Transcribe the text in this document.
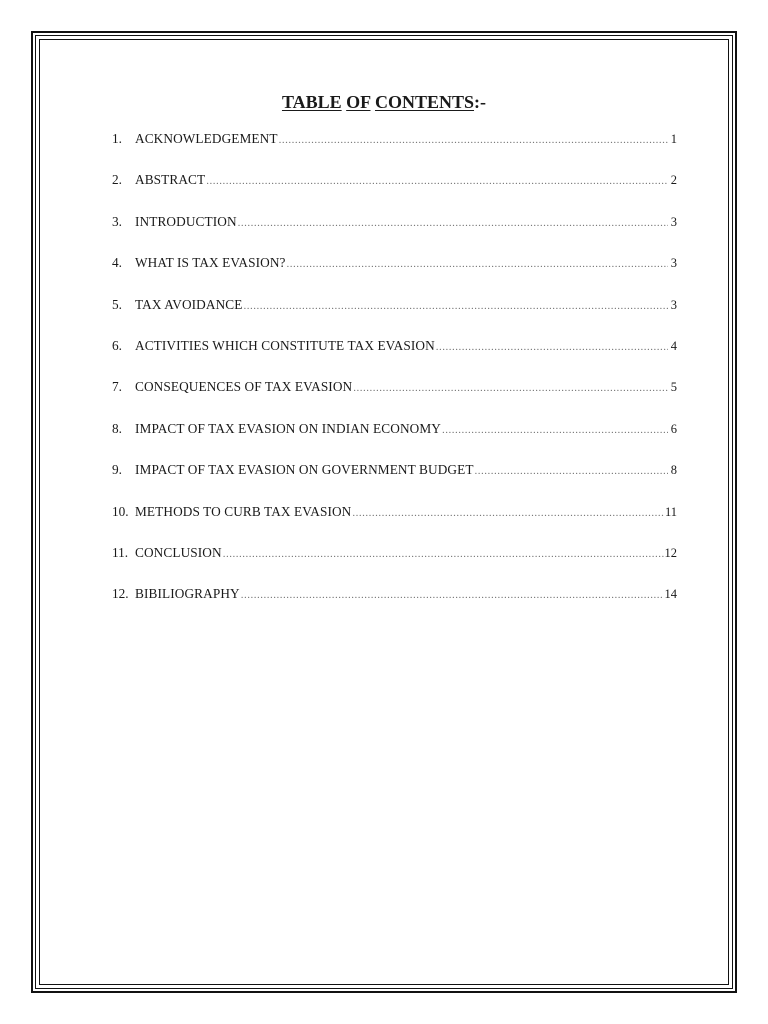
TABLE OF CONTENTS:-
1. ACKNOWLEDGEMENT .....	1
2. ABSTRACT .....	2
3. INTRODUCTION .....	3
4. WHAT IS TAX EVASION? .....	3
5. TAX AVOIDANCE .....	3
6. ACTIVITIES WHICH CONSTITUTE TAX EVASION .....	4
7. CONSEQUENCES OF TAX EVASION .....	5
8. IMPACT OF TAX EVASION ON INDIAN ECONOMY .....	6
9. IMPACT OF TAX EVASION ON GOVERNMENT BUDGET .....	8
10. METHODS TO CURB TAX EVASION .....	11
11. CONCLUSION .....	12
12. BIBILIOGRAPHY .....	14
